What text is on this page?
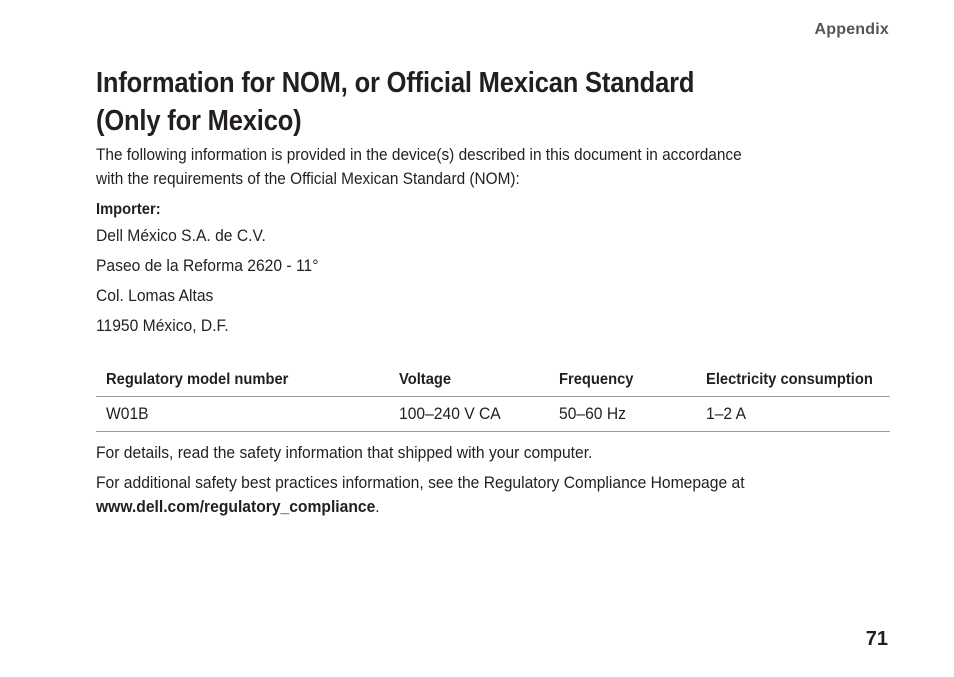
Appendix
Information for NOM, or Official Mexican Standard
(Only for Mexico)

The following information is provided in the device(s) described in this document in accordance
with the requirements of the Official Mexican Standard (NOM):

Importer:
Dell México S.A. de C.V.
Paseo de la Reforma 2620 - 11°
Col. Lomas Altas
11950 México, D.F.
Regulatory model number	Voltage	Frequency	Electricity consumption
W01B	100–240 V CA	50–60 Hz	1–2 A

For details, read the safety information that shipped with your computer.

For additional safety best practices information, see the Regulatory Compliance Homepage at
www.dell.com/regulatory_compliance.

71
